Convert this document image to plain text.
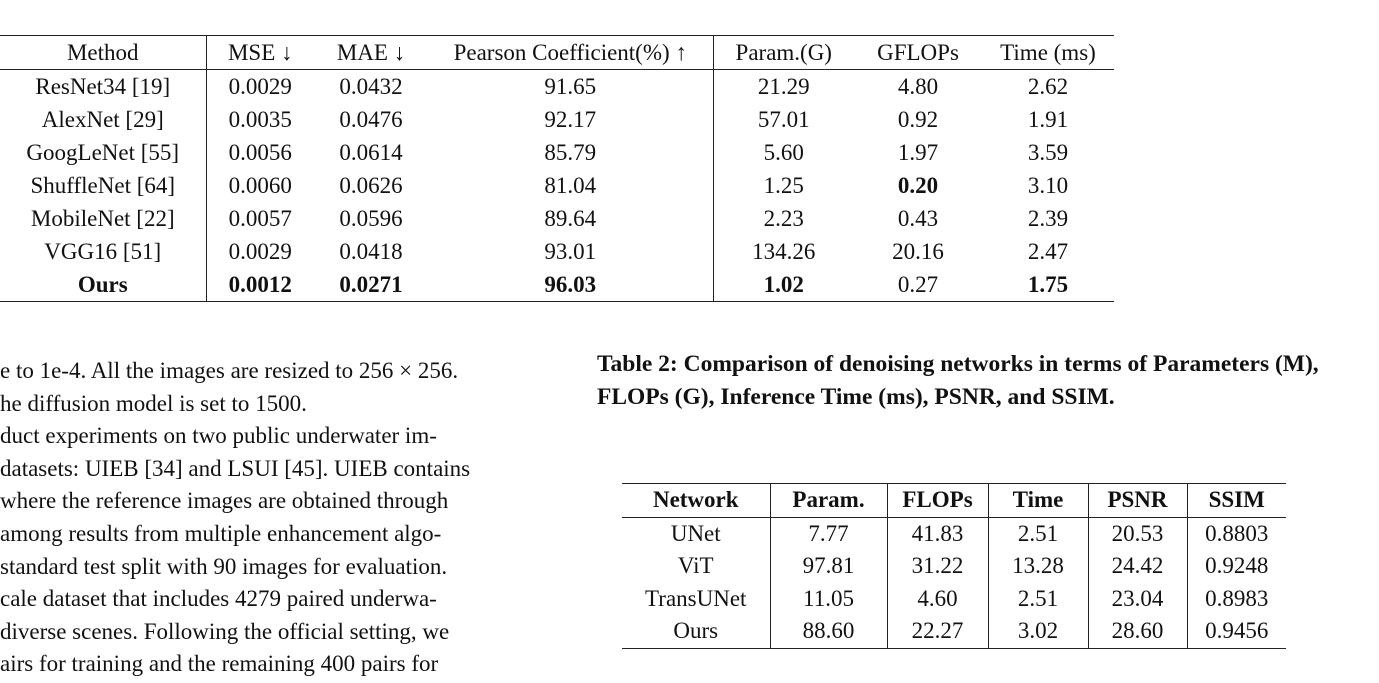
Method	MSE ↓	MAE ↓	Pearson Coefficient(%) ↑	Param.(G)	GFLOPs	Time (ms)
ResNet34 [19]	0.0029	0.0432	91.65	21.29	4.80	2.62
AlexNet [29]	0.0035	0.0476	92.17	57.01	0.92	1.91
GoogLeNet [55]	0.0056	0.0614	85.79	5.60	1.97	3.59
ShuffleNet [64]	0.0060	0.0626	81.04	1.25	0.20	3.10
MobileNet [22]	0.0057	0.0596	89.64	2.23	0.43	2.39
VGG16 [51]	0.0029	0.0418	93.01	134.26	20.16	2.47
Ours	0.0012	0.0271	96.03	1.02	0.27	1.75
e to 1e-4. All the images are resized to 256 × 256.
he diffusion model is set to 1500.
duct experiments on two public underwater im-
datasets: UIEB [34] and LSUI [45]. UIEB contains
where the reference images are obtained through
among results from multiple enhancement algo-
standard test split with 90 images for evaluation.
cale dataset that includes 4279 paired underwa-
diverse scenes. Following the official setting, we
airs for training and the remaining 400 pairs for
Table 2: Comparison of denoising networks in terms of Parameters (M), FLOPs (G), Inference Time (ms), PSNR, and SSIM.
Network	Param.	FLOPs	Time	PSNR	SSIM
UNet	7.77	41.83	2.51	20.53	0.8803
ViT	97.81	31.22	13.28	24.42	0.9248
TransUNet	11.05	4.60	2.51	23.04	0.8983
Ours	88.60	22.27	3.02	28.60	0.9456
